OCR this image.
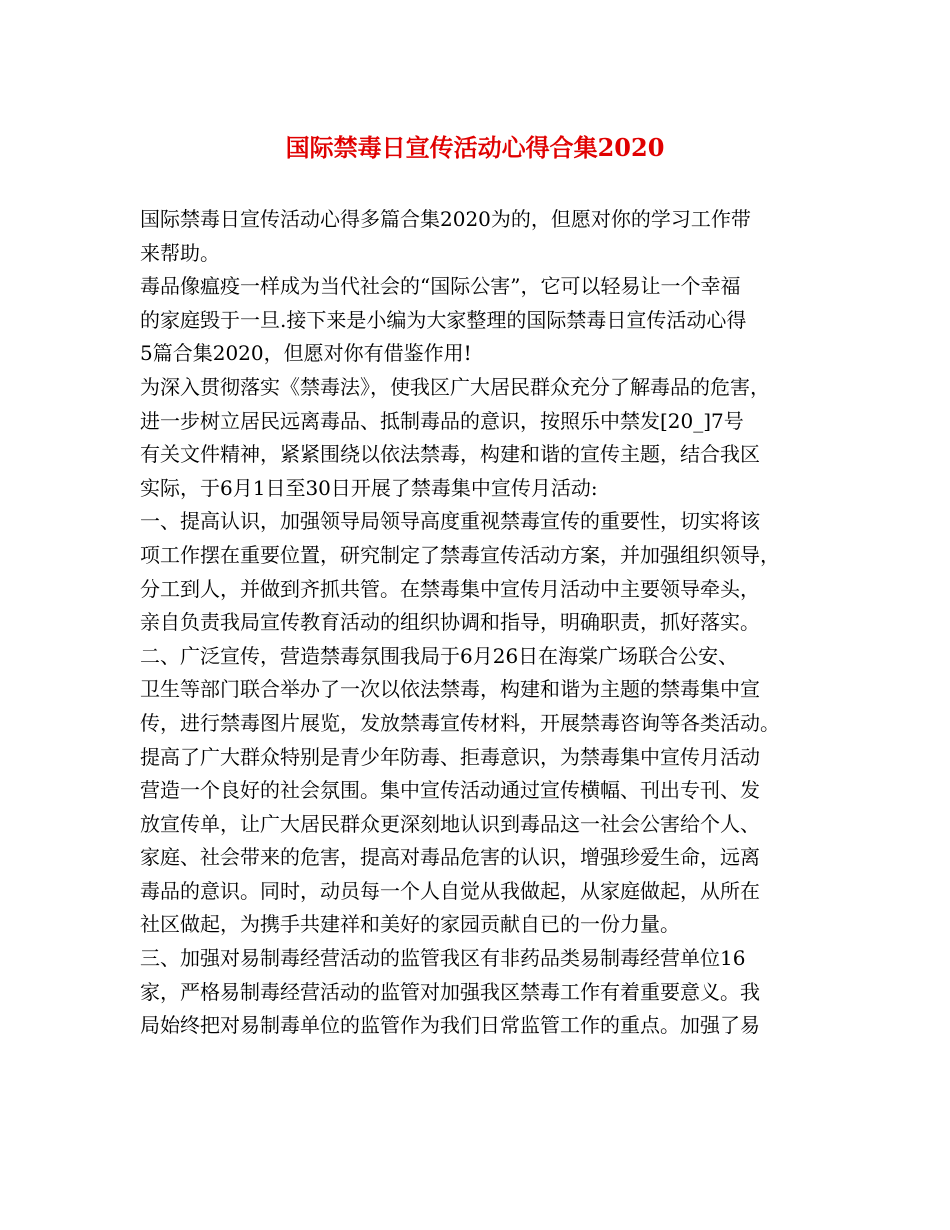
国际禁毒日宣传活动心得合集2020

国际禁毒日宣传活动心得多篇合集2020为的，但愿对你的学习工作带

来帮助。

毒品像瘟疫一样成为当代社会的“国际公害”，它可以轻易让一个幸福

的家庭毁于一旦.接下来是小编为大家整理的国际禁毒日宣传活动心得

5篇合集2020，但愿对你有借鉴作用!

为深入贯彻落实《禁毒法》，使我区广大居民群众充分了解毒品的危害，

进一步树立居民远离毒品、抵制毒品的意识，按照乐中禁发[20_]7号

有关文件精神，紧紧围绕以依法禁毒，构建和谐的宣传主题，结合我区

实际，于6月1日至30日开展了禁毒集中宣传月活动:

一、提高认识，加强领导局领导高度重视禁毒宣传的重要性，切实将该

项工作摆在重要位置，研究制定了禁毒宣传活动方案，并加强组织领导，

分工到人，并做到齐抓共管。在禁毒集中宣传月活动中主要领导牵头，

亲自负责我局宣传教育活动的组织协调和指导，明确职责，抓好落实。

二、广泛宣传，营造禁毒氛围我局于6月26日在海棠广场联合公安、

卫生等部门联合举办了一次以依法禁毒，构建和谐为主题的禁毒集中宣

传，进行禁毒图片展览，发放禁毒宣传材料，开展禁毒咨询等各类活动。

提高了广大群众特别是青少年防毒、拒毒意识，为禁毒集中宣传月活动

营造一个良好的社会氛围。集中宣传活动通过宣传横幅、刊出专刊、发

放宣传单，让广大居民群众更深刻地认识到毒品这一社会公害给个人、

家庭、社会带来的危害，提高对毒品危害的认识，增强珍爱生命，远离

毒品的意识。同时，动员每一个人自觉从我做起，从家庭做起，从所在

社区做起，为携手共建祥和美好的家园贡献自已的一份力量。

三、加强对易制毒经营活动的监管我区有非药品类易制毒经营单位16

家，严格易制毒经营活动的监管对加强我区禁毒工作有着重要意义。我

局始终把对易制毒单位的监管作为我们日常监管工作的重点。加强了易
